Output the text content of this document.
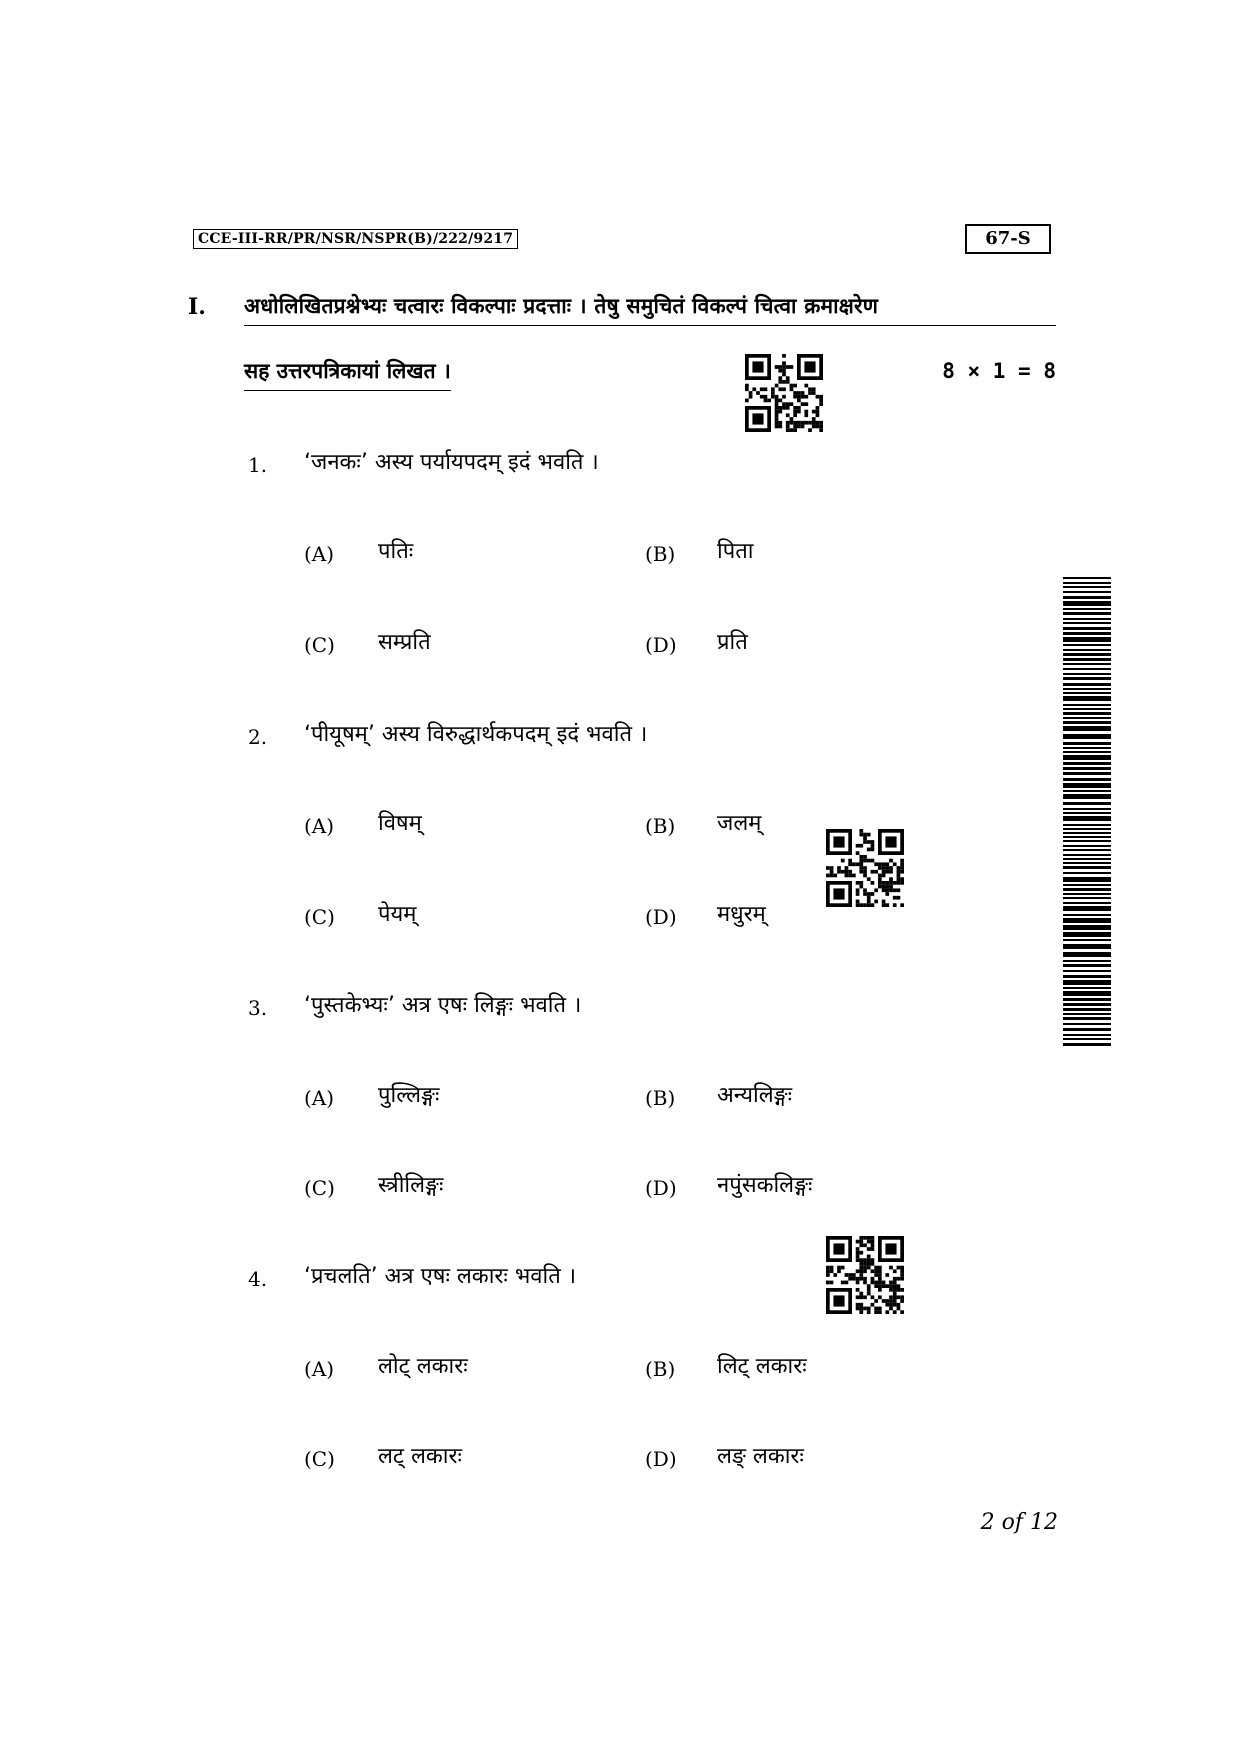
CCE-III-RR/PR/NSR/NSPR(B)/222/9217	67-S
I. अधोलिखितप्रश्नेभ्यः चत्वारः विकल्पाः प्रदत्ताः । तेषु समुचितं विकल्पं चित्वा क्रमाक्षरेण
सह उत्तरपत्रिकायां लिखत ।	8 × 1 = 8
1. ‘जनकः’ अस्य पर्यायपदम् इदं भवति ।
(A) पतिः	(B) पिता
(C) सम्प्रति	(D) प्रति
2. ‘पीयूषम्’ अस्य विरुद्धार्थकपदम् इदं भवति ।
(A) विषम्	(B) जलम्
(C) पेयम्	(D) मधुरम्
3. ‘पुस्तकेभ्यः’ अत्र एषः लिङ्गः भवति ।
(A) पुल्लिङ्गः	(B) अन्यलिङ्गः
(C) स्त्रीलिङ्गः	(D) नपुंसकलिङ्गः
4. ‘प्रचलति’ अत्र एषः लकारः भवति ।
(A) लोट् लकारः	(B) लिट् लकारः
(C) लट् लकारः	(D) लङ् लकारः
2 of 12
